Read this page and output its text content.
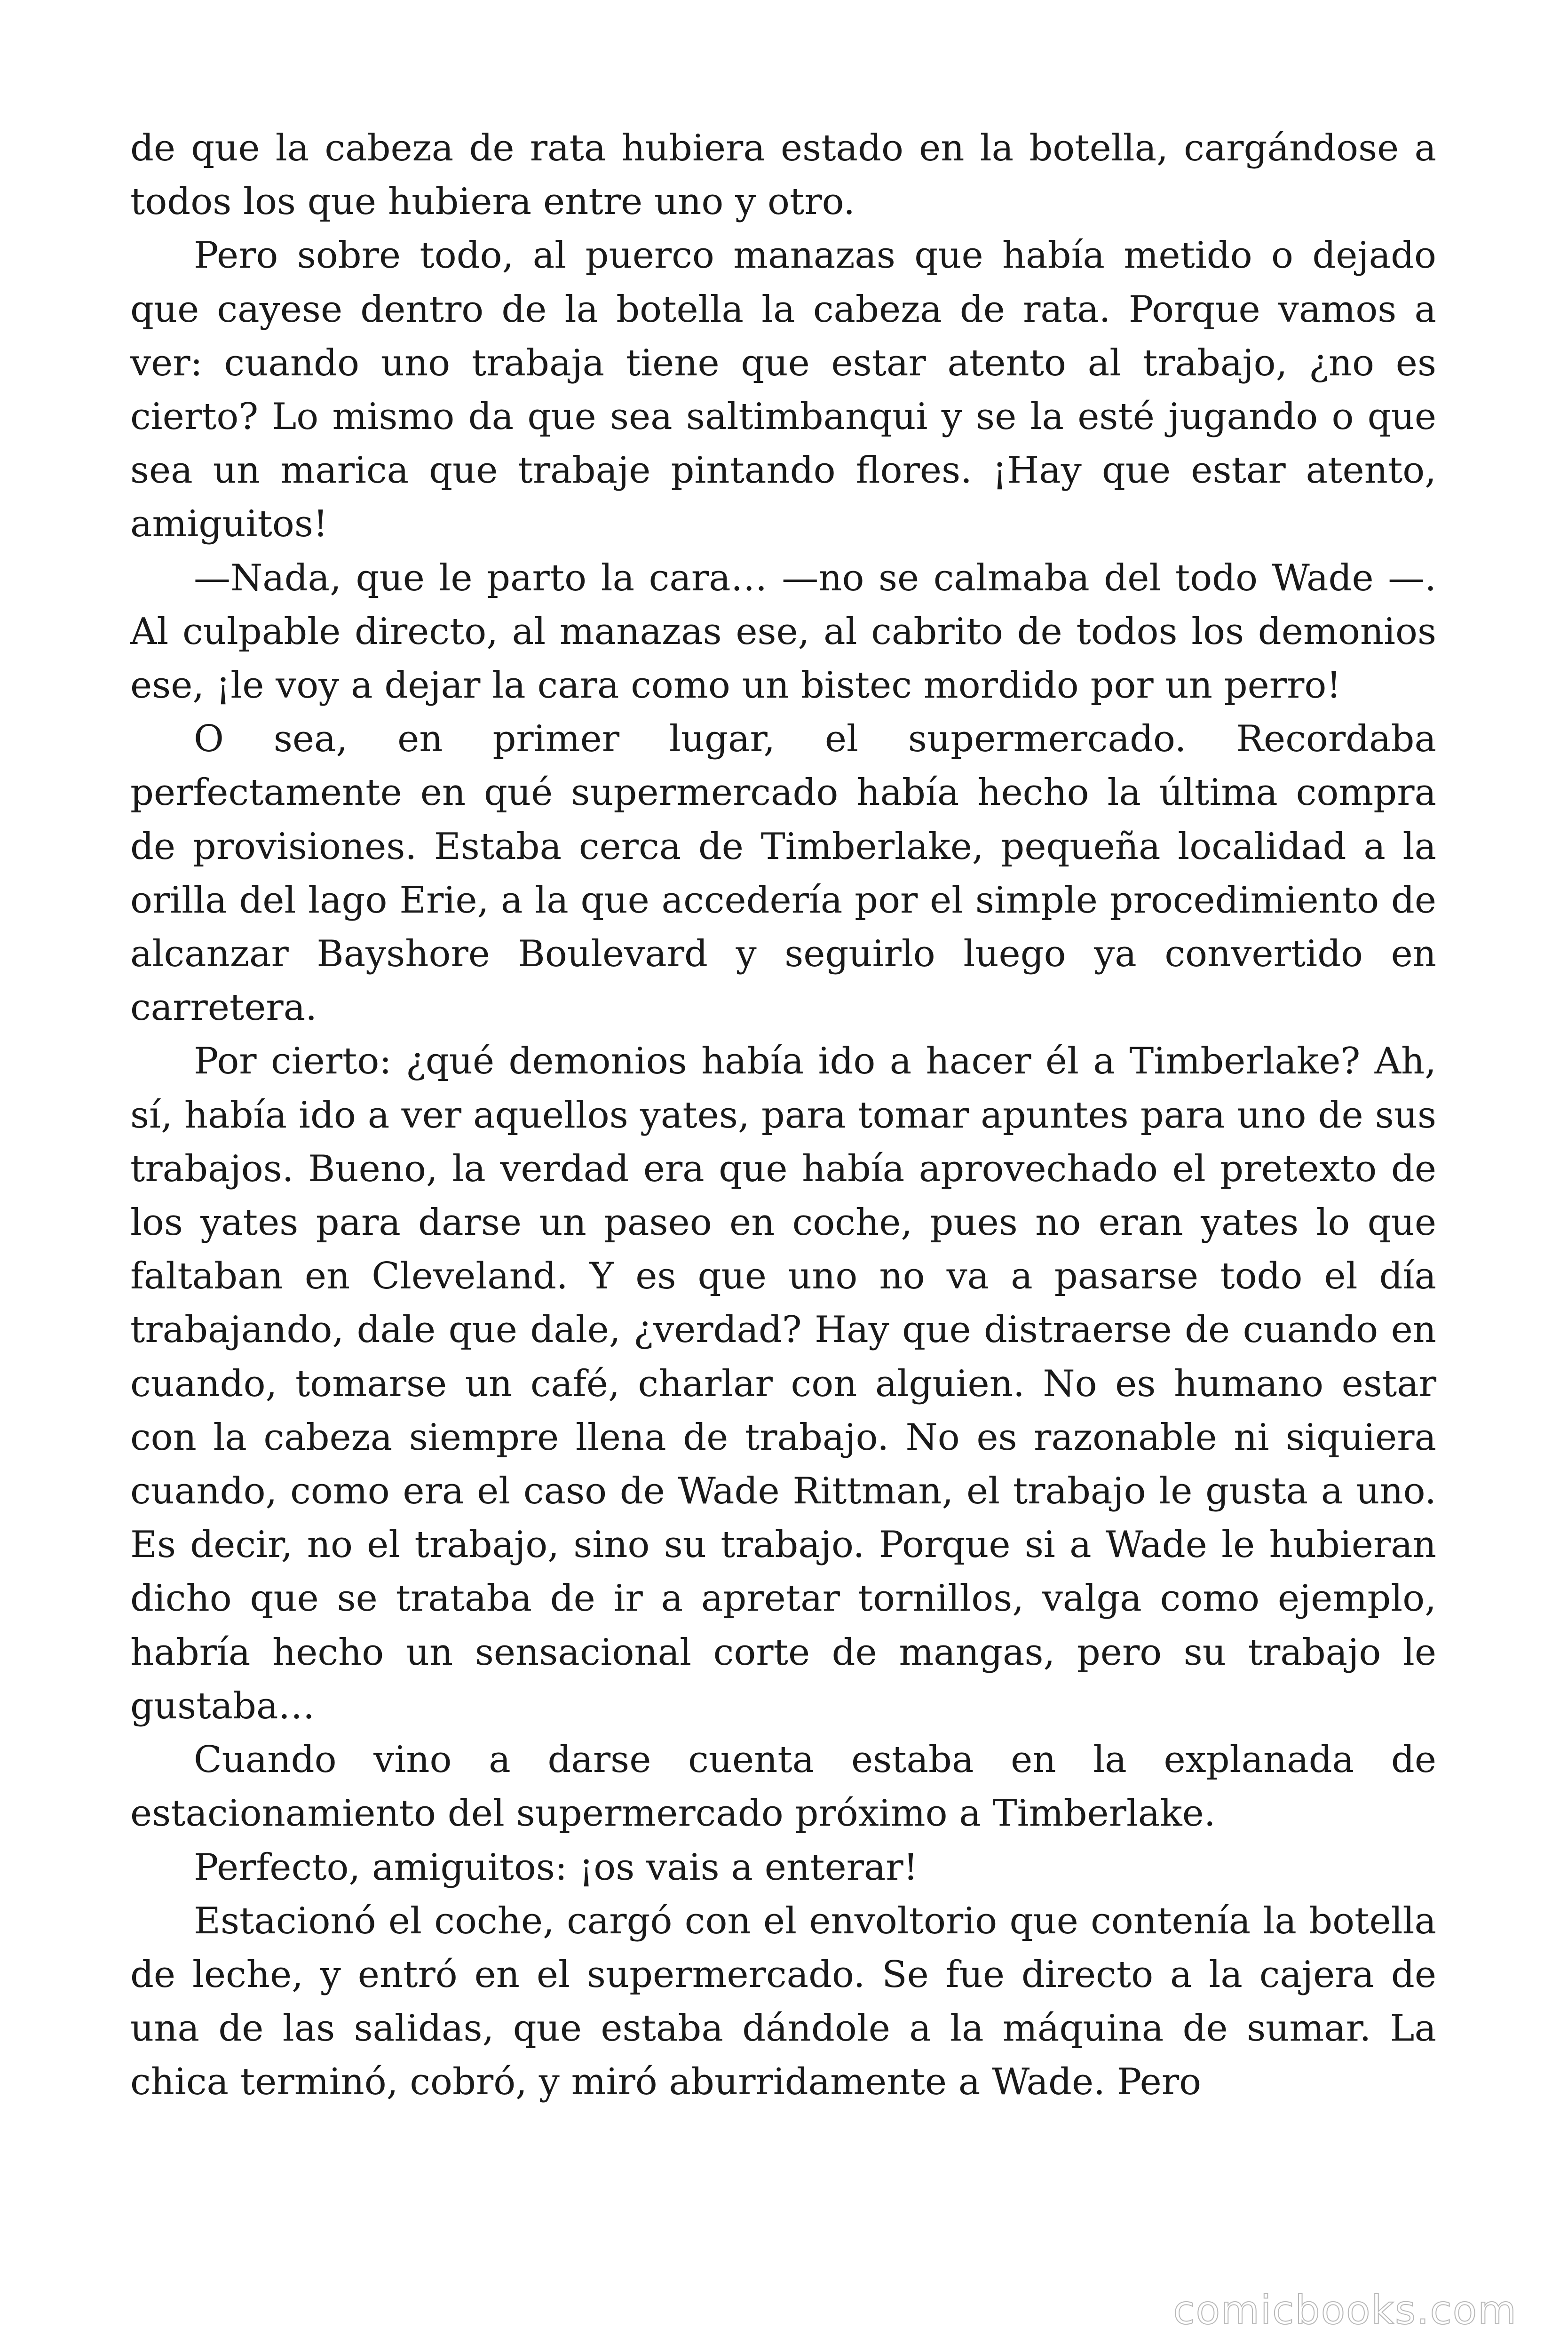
de que la cabeza de rata hubiera estado en la botella, cargándose a todos los que hubiera entre uno y otro.

Pero sobre todo, al puerco manazas que había metido o dejado que cayese dentro de la botella la cabeza de rata. Porque vamos a ver: cuando uno trabaja tiene que estar atento al trabajo, ¿no es cierto? Lo mismo da que sea saltimbanqui y se la esté jugando o que sea un marica que trabaje pintando flores. ¡Hay que estar atento, amiguitos!

—Nada, que le parto la cara… —no se calmaba del todo Wade —. Al culpable directo, al manazas ese, al cabrito de todos los demonios ese, ¡le voy a dejar la cara como un bistec mordido por un perro!

O sea, en primer lugar, el supermercado. Recordaba perfectamente en qué supermercado había hecho la última compra de provisiones. Estaba cerca de Timberlake, pequeña localidad a la orilla del lago Erie, a la que accedería por el simple procedimiento de alcanzar Bayshore Boulevard y seguirlo luego ya convertido en carretera.

Por cierto: ¿qué demonios había ido a hacer él a Timberlake? Ah, sí, había ido a ver aquellos yates, para tomar apuntes para uno de sus trabajos. Bueno, la verdad era que había aprovechado el pretexto de los yates para darse un paseo en coche, pues no eran yates lo que faltaban en Cleveland. Y es que uno no va a pasarse todo el día trabajando, dale que dale, ¿verdad? Hay que distraerse de cuando en cuando, tomarse un café, charlar con alguien. No es humano estar con la cabeza siempre llena de trabajo. No es razonable ni siquiera cuando, como era el caso de Wade Rittman, el trabajo le gusta a uno. Es decir, no el trabajo, sino su trabajo. Porque si a Wade le hubieran dicho que se trataba de ir a apretar tornillos, valga como ejemplo, habría hecho un sensacional corte de mangas, pero su trabajo le gustaba…

Cuando vino a darse cuenta estaba en la explanada de estacionamiento del supermercado próximo a Timberlake.

Perfecto, amiguitos: ¡os vais a enterar!

Estacionó el coche, cargó con el envoltorio que contenía la botella de leche, y entró en el supermercado. Se fue directo a la cajera de una de las salidas, que estaba dándole a la máquina de sumar. La chica terminó, cobró, y miró aburridamente a Wade. Pero

comicbooks.com
